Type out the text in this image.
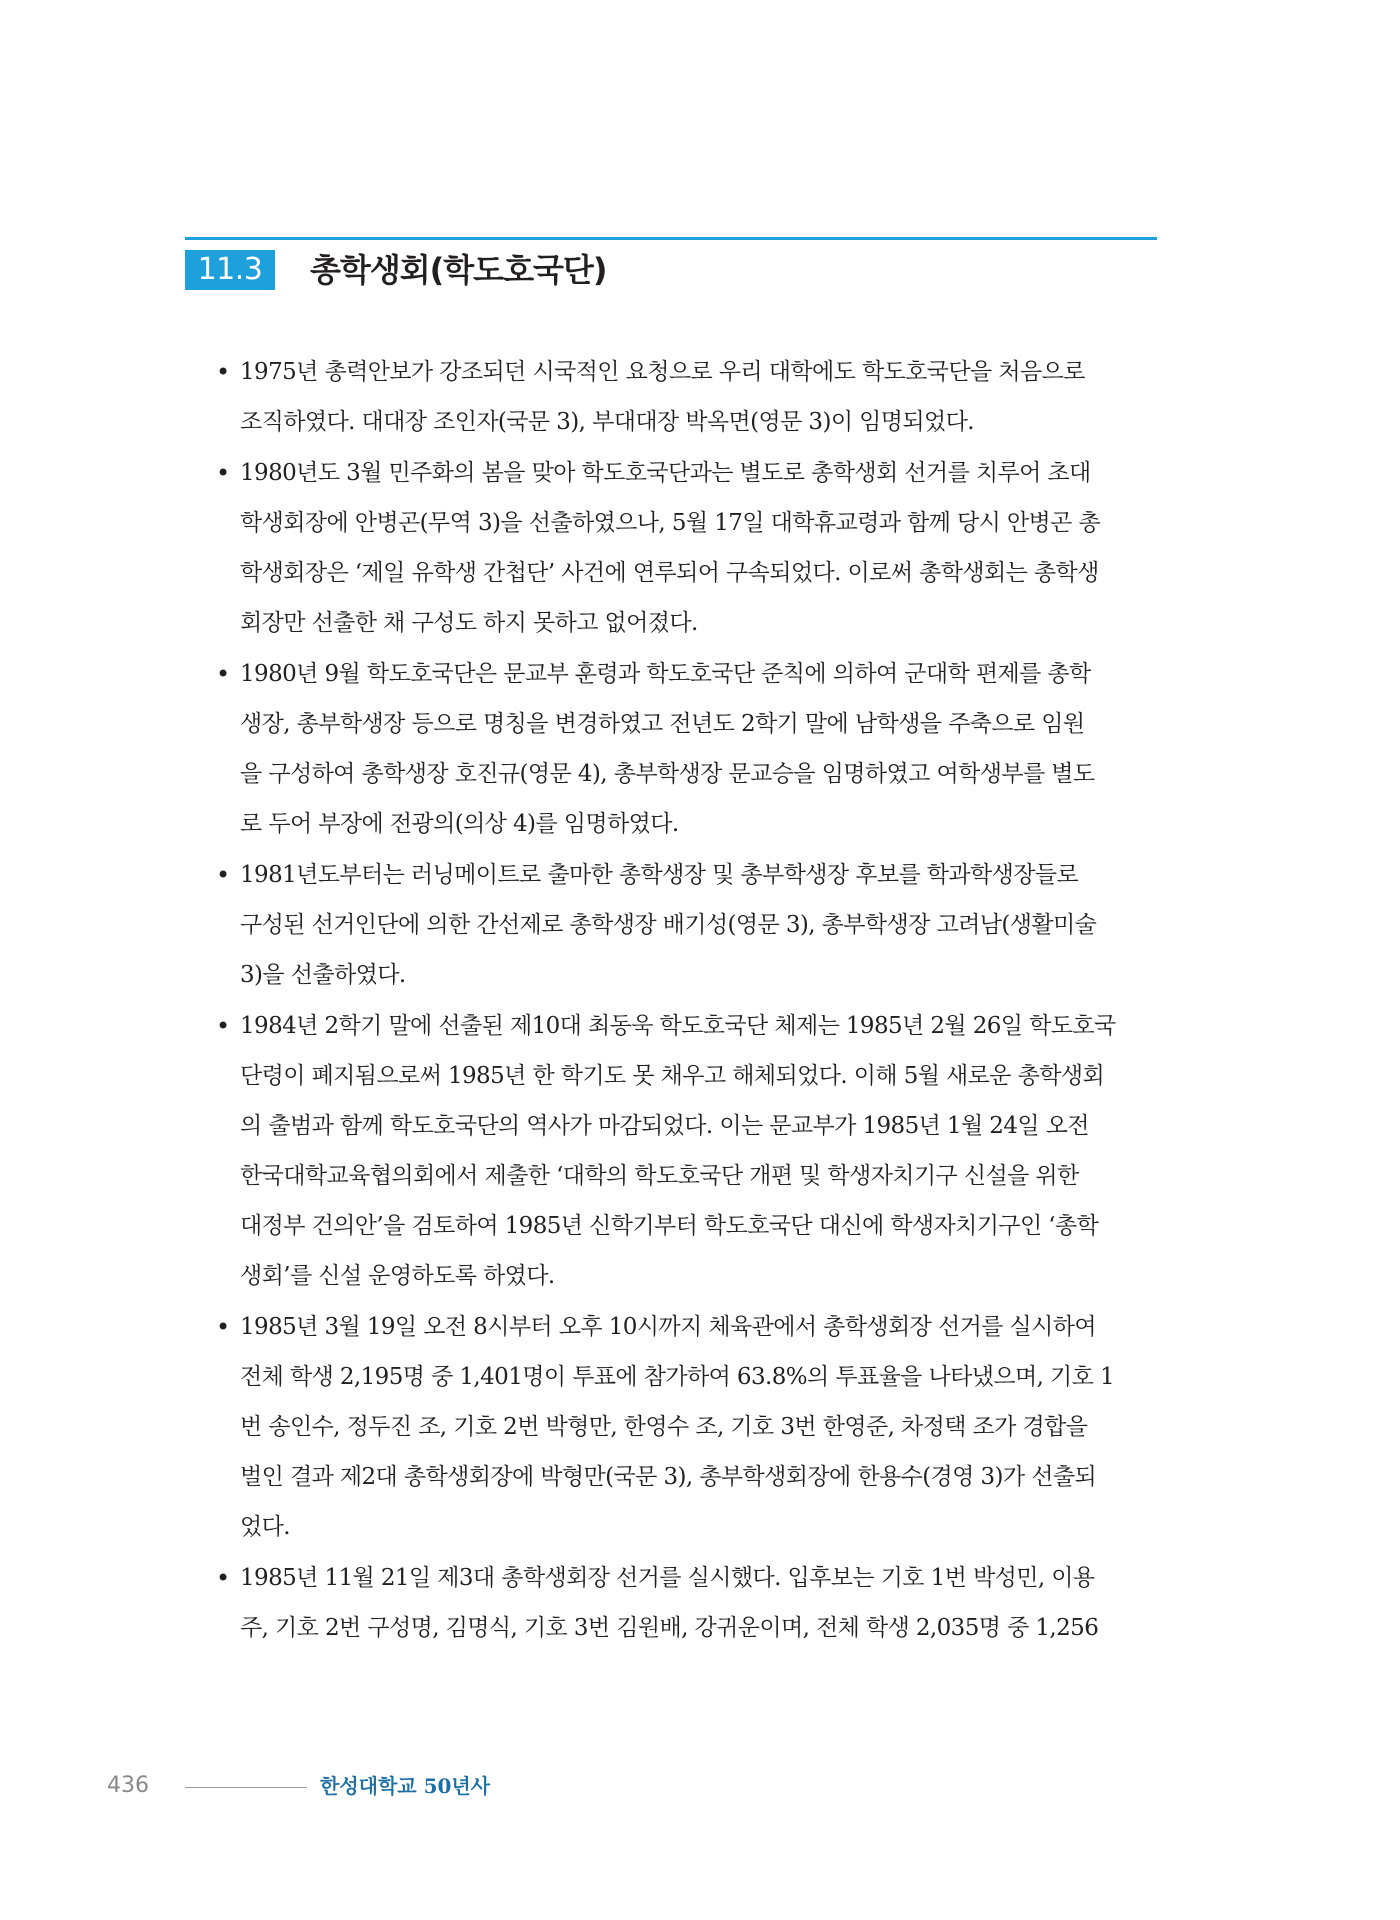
11.3	총학생회(학도호국단)
• 1975년 총력안보가 강조되던 시국적인 요청으로 우리 대학에도 학도호국단을 처음으로
조직하였다. 대대장 조인자(국문 3), 부대대장 박옥면(영문 3)이 임명되었다.
• 1980년도 3월 민주화의 봄을 맞아 학도호국단과는 별도로 총학생회 선거를 치루어 초대
학생회장에 안병곤(무역 3)을 선출하였으나, 5월 17일 대학휴교령과 함께 당시 안병곤 총
학생회장은 ‘제일 유학생 간첩단’ 사건에 연루되어 구속되었다. 이로써 총학생회는 총학생
회장만 선출한 채 구성도 하지 못하고 없어졌다.
• 1980년 9월 학도호국단은 문교부 훈령과 학도호국단 준칙에 의하여 군대학 편제를 총학
생장, 총부학생장 등으로 명칭을 변경하였고 전년도 2학기 말에 남학생을 주축으로 임원
을 구성하여 총학생장 호진규(영문 4), 총부학생장 문교승을 임명하였고 여학생부를 별도
로 두어 부장에 전광의(의상 4)를 임명하였다.
• 1981년도부터는 러닝메이트로 출마한 총학생장 및 총부학생장 후보를 학과학생장들로
구성된 선거인단에 의한 간선제로 총학생장 배기성(영문 3), 총부학생장 고려남(생활미술
3)을 선출하였다.
• 1984년 2학기 말에 선출된 제10대 최동욱 학도호국단 체제는 1985년 2월 26일 학도호국
단령이 폐지됨으로써 1985년 한 학기도 못 채우고 해체되었다. 이해 5월 새로운 총학생회
의 출범과 함께 학도호국단의 역사가 마감되었다. 이는 문교부가 1985년 1월 24일 오전
한국대학교육협의회에서 제출한 ‘대학의 학도호국단 개편 및 학생자치기구 신설을 위한
대정부 건의안’을 검토하여 1985년 신학기부터 학도호국단 대신에 학생자치기구인 ‘총학
생회’를 신설 운영하도록 하였다.
• 1985년 3월 19일 오전 8시부터 오후 10시까지 체육관에서 총학생회장 선거를 실시하여
전체 학생 2,195명 중 1,401명이 투표에 참가하여 63.8%의 투표율을 나타냈으며, 기호 1
번 송인수, 정두진 조, 기호 2번 박형만, 한영수 조, 기호 3번 한영준, 차정택 조가 경합을
벌인 결과 제2대 총학생회장에 박형만(국문 3), 총부학생회장에 한용수(경영 3)가 선출되
었다.
• 1985년 11월 21일 제3대 총학생회장 선거를 실시했다. 입후보는 기호 1번 박성민, 이용
주, 기호 2번 구성명, 김명식, 기호 3번 김원배, 강귀운이며, 전체 학생 2,035명 중 1,256
436	한성대학교 50년사
